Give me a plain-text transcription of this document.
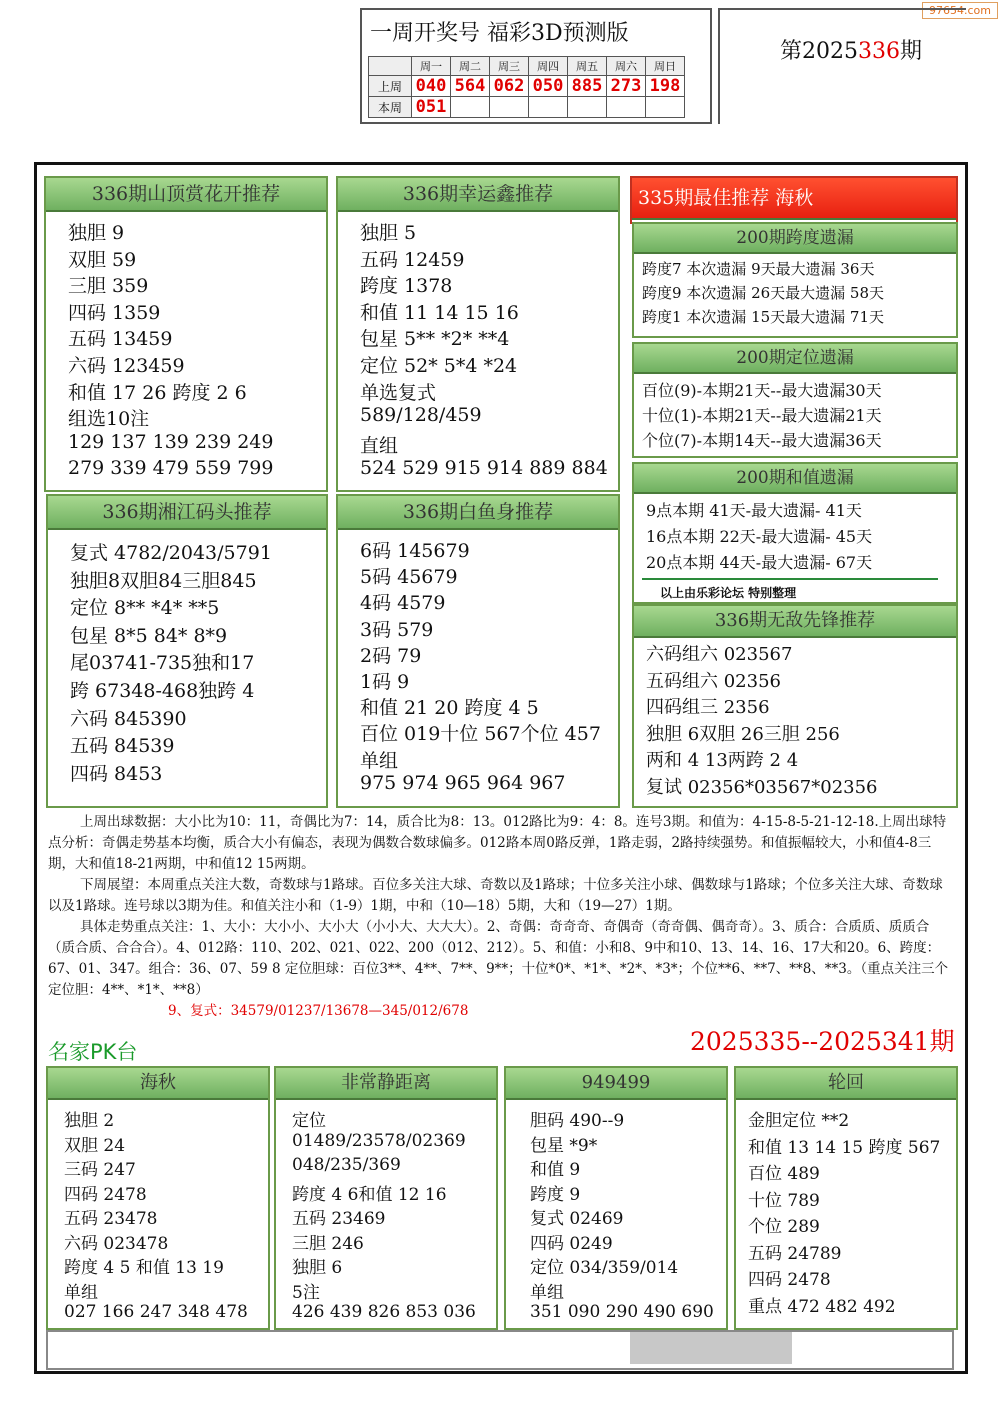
97654.com
一周开奖号 福彩3D预测版
	周一	周二	周三	周四	周五	周六	周日
上周	040	564	062	050	885	273	198
本周	051						
第2025336期
336期山顶赏花开推荐
独胆 9
双胆 59
三胆 359
四码 1359
五码 13459
六码 123459
和值 17 26 跨度 2 6
组选10注
129 137 139 239 249
279 339 479 559 799
336期幸运鑫推荐
独胆 5
五码 12459
跨度 1378
和值 11 14 15 16
包星 5** *2* **4
定位 52* 5*4 *24
单选复式
589/128/459
直组
524 529 915 914 889 884
336期湘江码头推荐
复式 4782/2043/5791
独胆8双胆84三胆845
定位 8** *4* **5
包星 8*5 84* 8*9
尾03741-735独和17
跨 67348-468独跨 4
六码 845390
五码 84539
四码 8453
336期白鱼身推荐
6码 145679
5码 45679
4码 4579
3码 579
2码 79
1码 9
和值 21 20 跨度 4 5
百位 019十位 567个位 457
单组
975 974 965 964 967
335期最佳推荐 海秋
200期跨度遗漏
跨度7 本次遗漏 9天最大遗漏 36天
跨度9 本次遗漏 26天最大遗漏 58天
跨度1 本次遗漏 15天最大遗漏 71天
200期定位遗漏
百位(9)-本期21天--最大遗漏30天
十位(1)-本期21天--最大遗漏21天
个位(7)-本期14天--最大遗漏36天
200期和值遗漏
9点本期 41天-最大遗漏- 41天
16点本期 22天-最大遗漏- 45天
20点本期 44天-最大遗漏- 67天
以上由乐彩论坛 特别整理
336期无敌先锋推荐
六码组六 023567
五码组六 02356
四码组三 2356
独胆 6双胆 26三胆 256
两和 4 13两跨 2 4
复试 02356*03567*02356
上周出球数据：大小比为10：11，奇偶比为7：14，质合比为8：13。012路比为9：4：8。连号3期。和值为：4-15-8-5-21-12-18.上周出球特点分析：奇偶走势基本均衡，质合大小有偏态，表现为偶数合数球偏多。012路本周0路反弹，1路走弱，2路持续强势。和值振幅较大，小和值4-8三期，大和值18-21两期，中和值12 15两期。
下周展望：本周重点关注大数，奇数球与1路球。百位多关注大球、奇数以及1路球；十位多关注小球、偶数球与1路球；个位多关注大球、奇数球以及1路球。连号球以3期为佳。和值关注小和（1-9）1期，中和（10—18）5期，大和（19—27）1期。
具体走势重点关注：1、大小：大小小、大小大（小小大、大大大）。2、奇偶：奇奇奇、奇偶奇（奇奇偶、偶奇奇）。3、质合：合质质、质质合（质合质、合合合）。4、012路：110、202、021、022、200（012、212）。5、和值：小和8、9中和10、13、14、16、17大和20。6、跨度：67、01、347。组合：36、07、59 8 定位胆球：百位3**、4**、7**、9**；十位*0*、*1*、*2*、*3*；个位**6、**7、**8、**3。（重点关注三个定位胆：4**、*1*、**8）
9、复式：34579/01237/13678—345/012/678
2025335--2025341期
名家PK台
海秋
独胆 2
双胆 24
三码 247
四码 2478
五码 23478
六码 023478
跨度 4 5 和值 13 19
单组
027 166 247 348 478
非常静距离
定位
01489/23578/02369
048/235/369
跨度 4 6和值 12 16
五码 23469
三胆 246
独胆 6
5注
426 439 826 853 036
949499
胆码 490--9
包星 *9*
和值 9
跨度 9
复式 02469
四码 0249
定位 034/359/014
单组
351 090 290 490 690
轮回
金胆定位 **2
和值 13 14 15 跨度 567
百位 489
十位 789
个位 289
五码 24789
四码 2478
重点 472 482 492
